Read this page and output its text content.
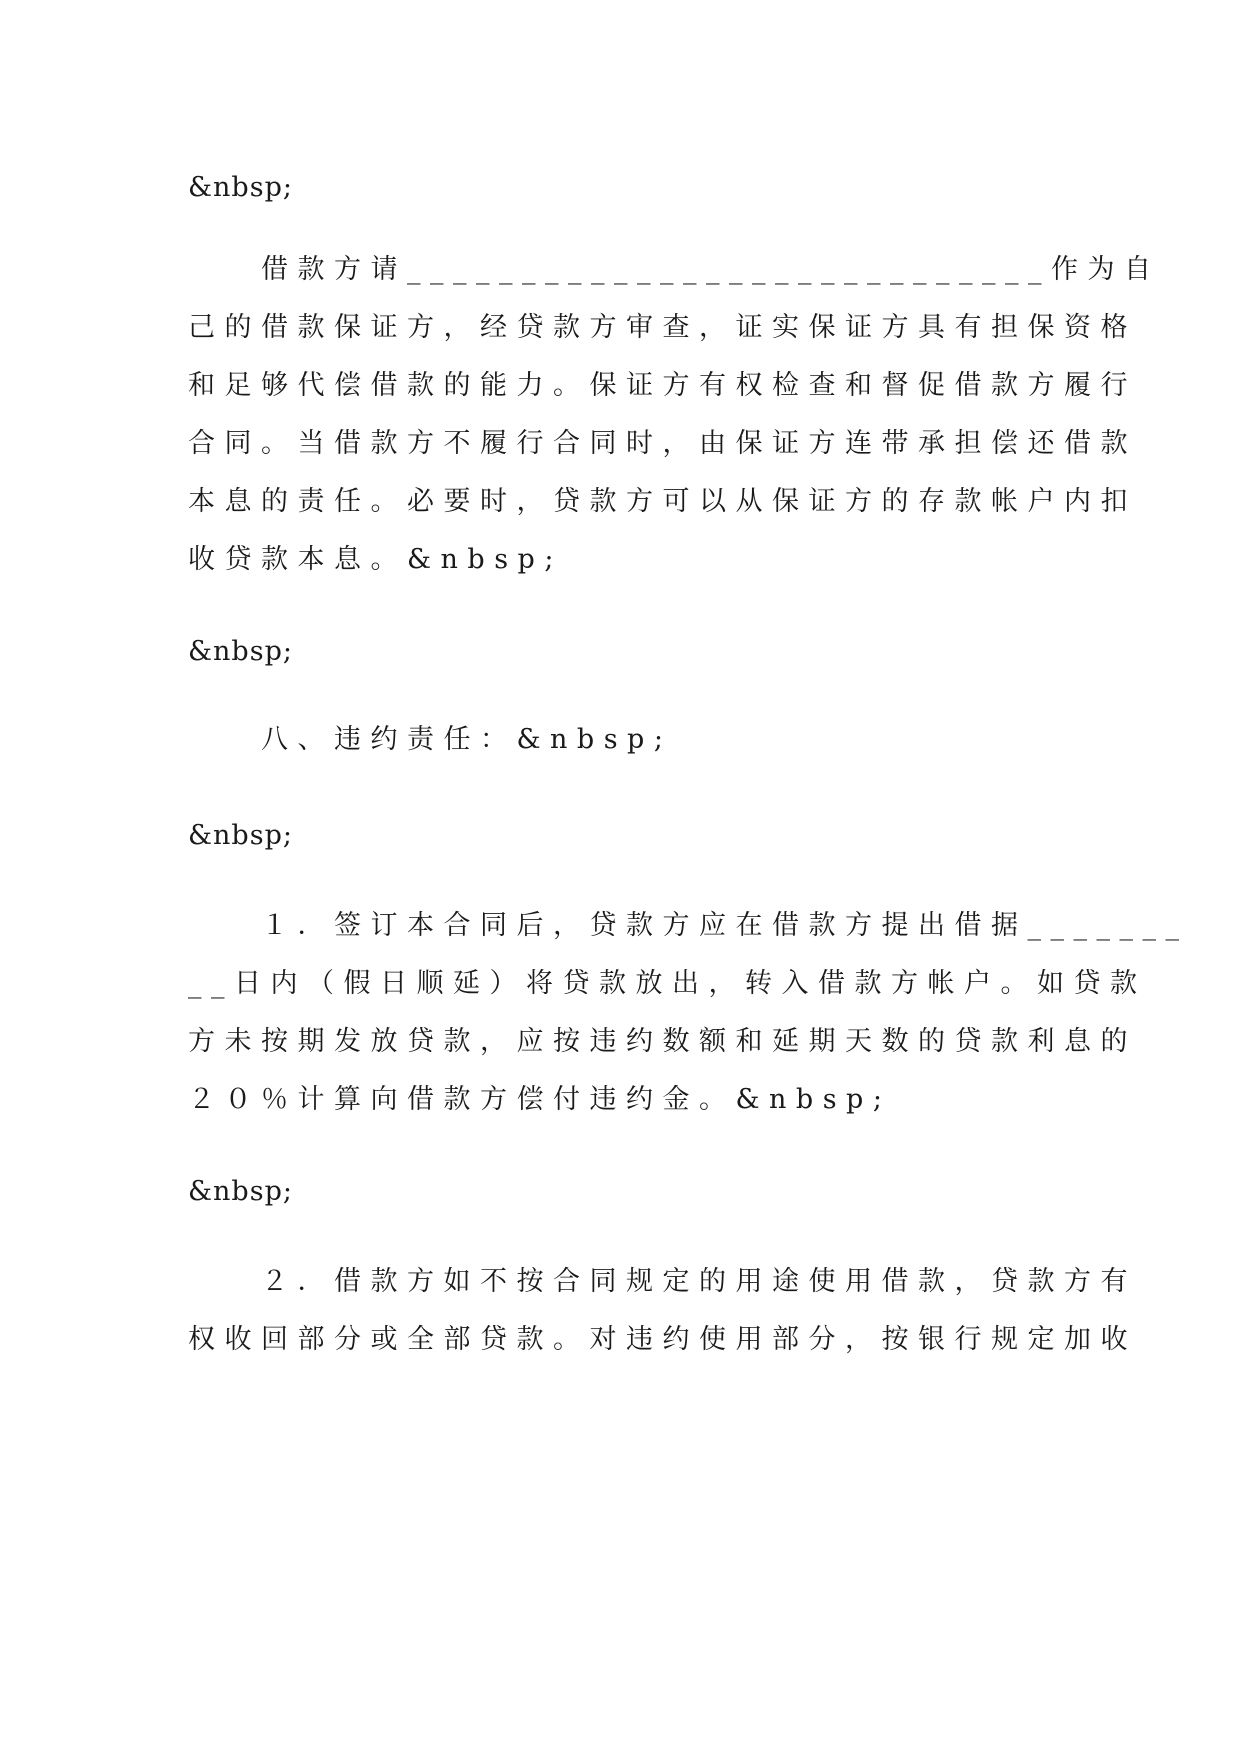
&nbsp;
　　借款方请____________________________作为自
己的借款保证方，经贷款方审查，证实保证方具有担保资格
和足够代偿借款的能力。保证方有权检查和督促借款方履行
合同。当借款方不履行合同时，由保证方连带承担偿还借款
本息的责任。必要时，贷款方可以从保证方的存款帐户内扣
收贷款本息。&nbsp;
&nbsp;
　　八、违约责任：&nbsp;
&nbsp;
　　１．签订本合同后，贷款方应在借款方提出借据_______
__日内（假日顺延）将贷款放出，转入借款方帐户。如贷款
方未按期发放贷款，应按违约数额和延期天数的贷款利息的
２０％计算向借款方偿付违约金。&nbsp;
&nbsp;
　　２．借款方如不按合同规定的用途使用借款，贷款方有
权收回部分或全部贷款。对违约使用部分，按银行规定加收
